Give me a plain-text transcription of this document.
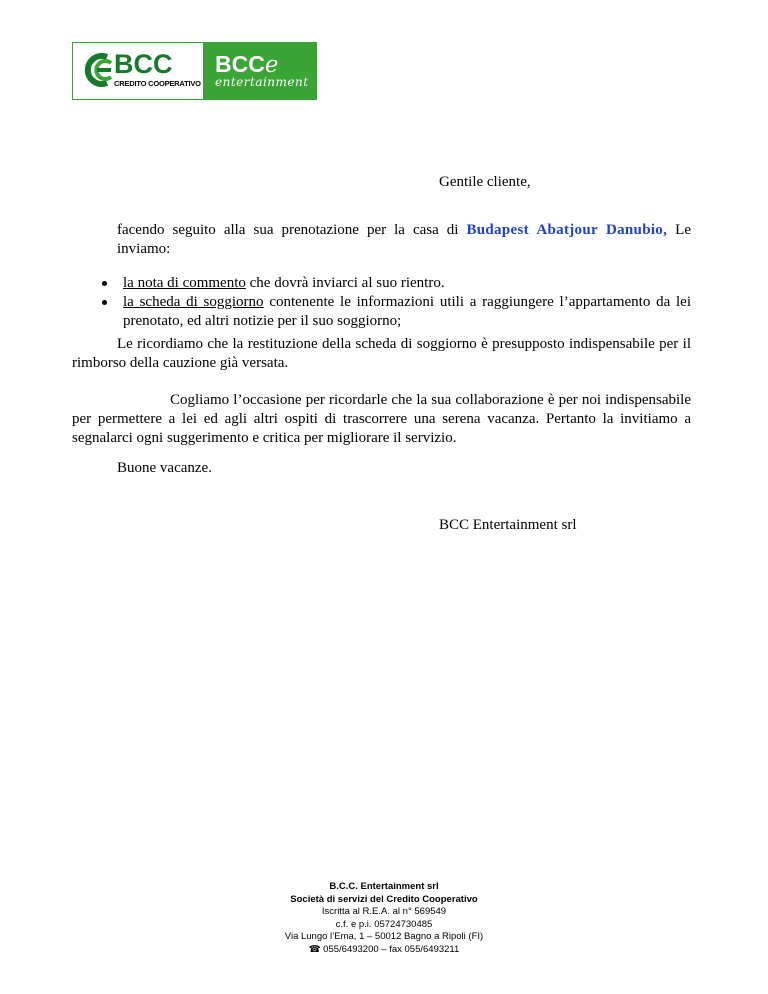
BCC
CREDITO COOPERATIVO
BCCe
entertainment

Gentile cliente,

facendo seguito alla sua prenotazione per la casa di Budapest Abatjour Danubio, Le inviamo:

la nota di commento che dovrà inviarci al suo rientro.
la scheda di soggiorno contenente le informazioni utili a raggiungere l’appartamento da lei prenotato, ed altri notizie per il suo soggiorno;

Le ricordiamo che la restituzione della scheda di soggiorno è presupposto indispensabile per il rimborso della cauzione già versata.

Cogliamo l’occasione per ricordarle che la sua collaborazione è per noi indispensabile per permettere a lei ed agli altri ospiti di trascorrere una serena vacanza. Pertanto la invitiamo a segnalarci ogni suggerimento e critica per migliorare il servizio.

Buone vacanze.

BCC Entertainment srl

B.C.C. Entertainment srl
Società di servizi del Credito Cooperativo
Iscritta al R.E.A. al n° 569549
c.f. e p.i. 05724730485
Via Lungo l’Ema, 1 – 50012 Bagno a Ripoli (FI)
☎ 055/6493200 – fax 055/6493211
